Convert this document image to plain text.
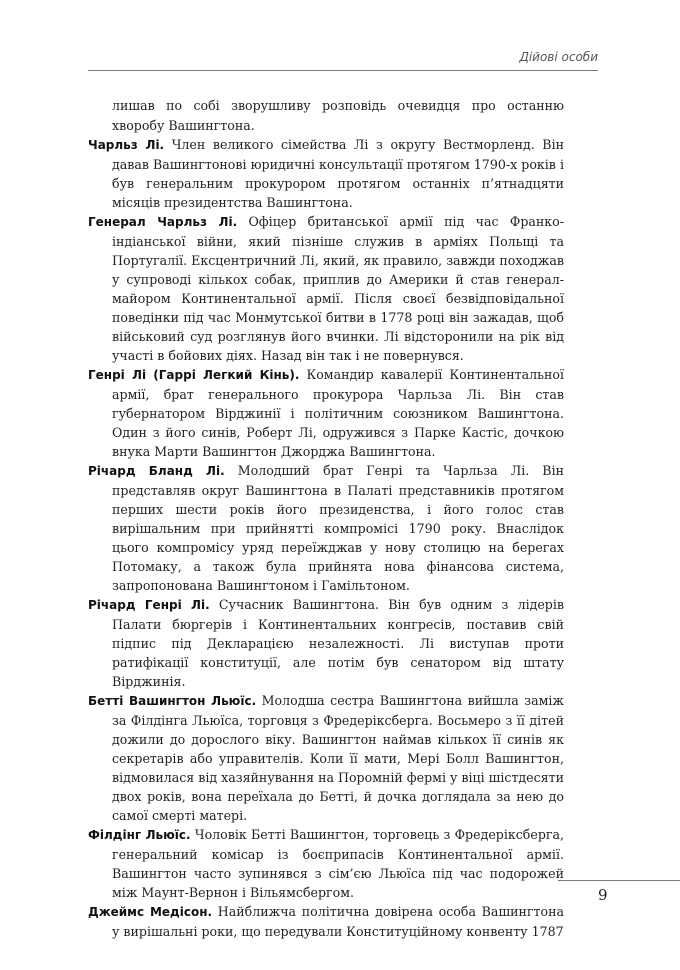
Дійові особи

лишав по собі зворушливу розповідь очевидця про останню хворобу Вашингтона.

Чарльз Лі. Член великого сімейства Лі з округу Вестморленд. Він давав Вашингтонові юридичні консультації протягом 1790-х років і був генеральним прокурором протягом останніх п’ятнадцяти місяців президентства Вашингтона.

Генерал Чарльз Лі. Офіцер британської армії під час Франко-індіанської війни, який пізніше служив в арміях Польщі та Португалії. Ексцентричний Лі, який, як правило, завжди походжав у супроводі кількох собак, приплив до Америки й став генерал-майором Континентальної армії. Після своєї безвідповідальної поведінки під час Монмутської битви в 1778 році він зажадав, щоб військовий суд розглянув його вчинки. Лі відсторонили на рік від участі в бойових діях. Назад він так і не повернувся.

Генрі Лі (Гаррі Легкий Кінь). Командир кавалерії Континентальної армії, брат генерального прокурора Чарльза Лі. Він став губернатором Вірджинії і політичним союзником Вашингтона. Один з його синів, Роберт Лі, одружився з Парке Кастіс, дочкою внука Марти Вашингтон Джорджа Вашингтона.

Річард Бланд Лі. Молодший брат Генрі та Чарльза Лі. Він представляв округ Вашингтона в Палаті представників протягом перших шести років його президенства, і його голос став вирішальним при прийнятті компромісі 1790 року. Внаслідок цього компромісу уряд переїжджав у нову столицю на берегах Потомаку, а також була прийнята нова фінансова система, запропонована Вашингтоном і Гамільтоном.

Річард Генрі Лі. Сучасник Вашингтона. Він був одним з лідерів Палати бюргерів і Континентальних конгресів, поставив свій підпис під Декларацією незалежності. Лі виступав проти ратифікації конституції, але потім був сенатором від штату Вірджинія.

Бетті Вашингтон Льюїс. Молодша сестра Вашингтона вийшла заміж за Філдінга Льюїса, торговця з Фредеріксберга. Восьмеро з її дітей дожили до дорослого віку. Вашингтон наймав кількох її синів як секретарів або управителів. Коли її мати, Мері Болл Вашингтон, відмовилася від хазяйнування на Поромній фермі у віці шістдесяти двох років, вона переїхала до Бетті, й дочка доглядала за нею до самої смерті матері.

Філдінг Льюїс. Чоловік Бетті Вашингтон, торговець з Фредеріксберга, генеральний комісар із боєприпасів Континентальної армії. Вашингтон часто зупинявся з сім’єю Льюїса під час подорожей між Маунт-Вернон і Вільямсбергом.

Джеймс Медісон. Найближча політична довірена особа Вашингтона у вирішальні роки, що передували Конституційному конвенту 1787

9
